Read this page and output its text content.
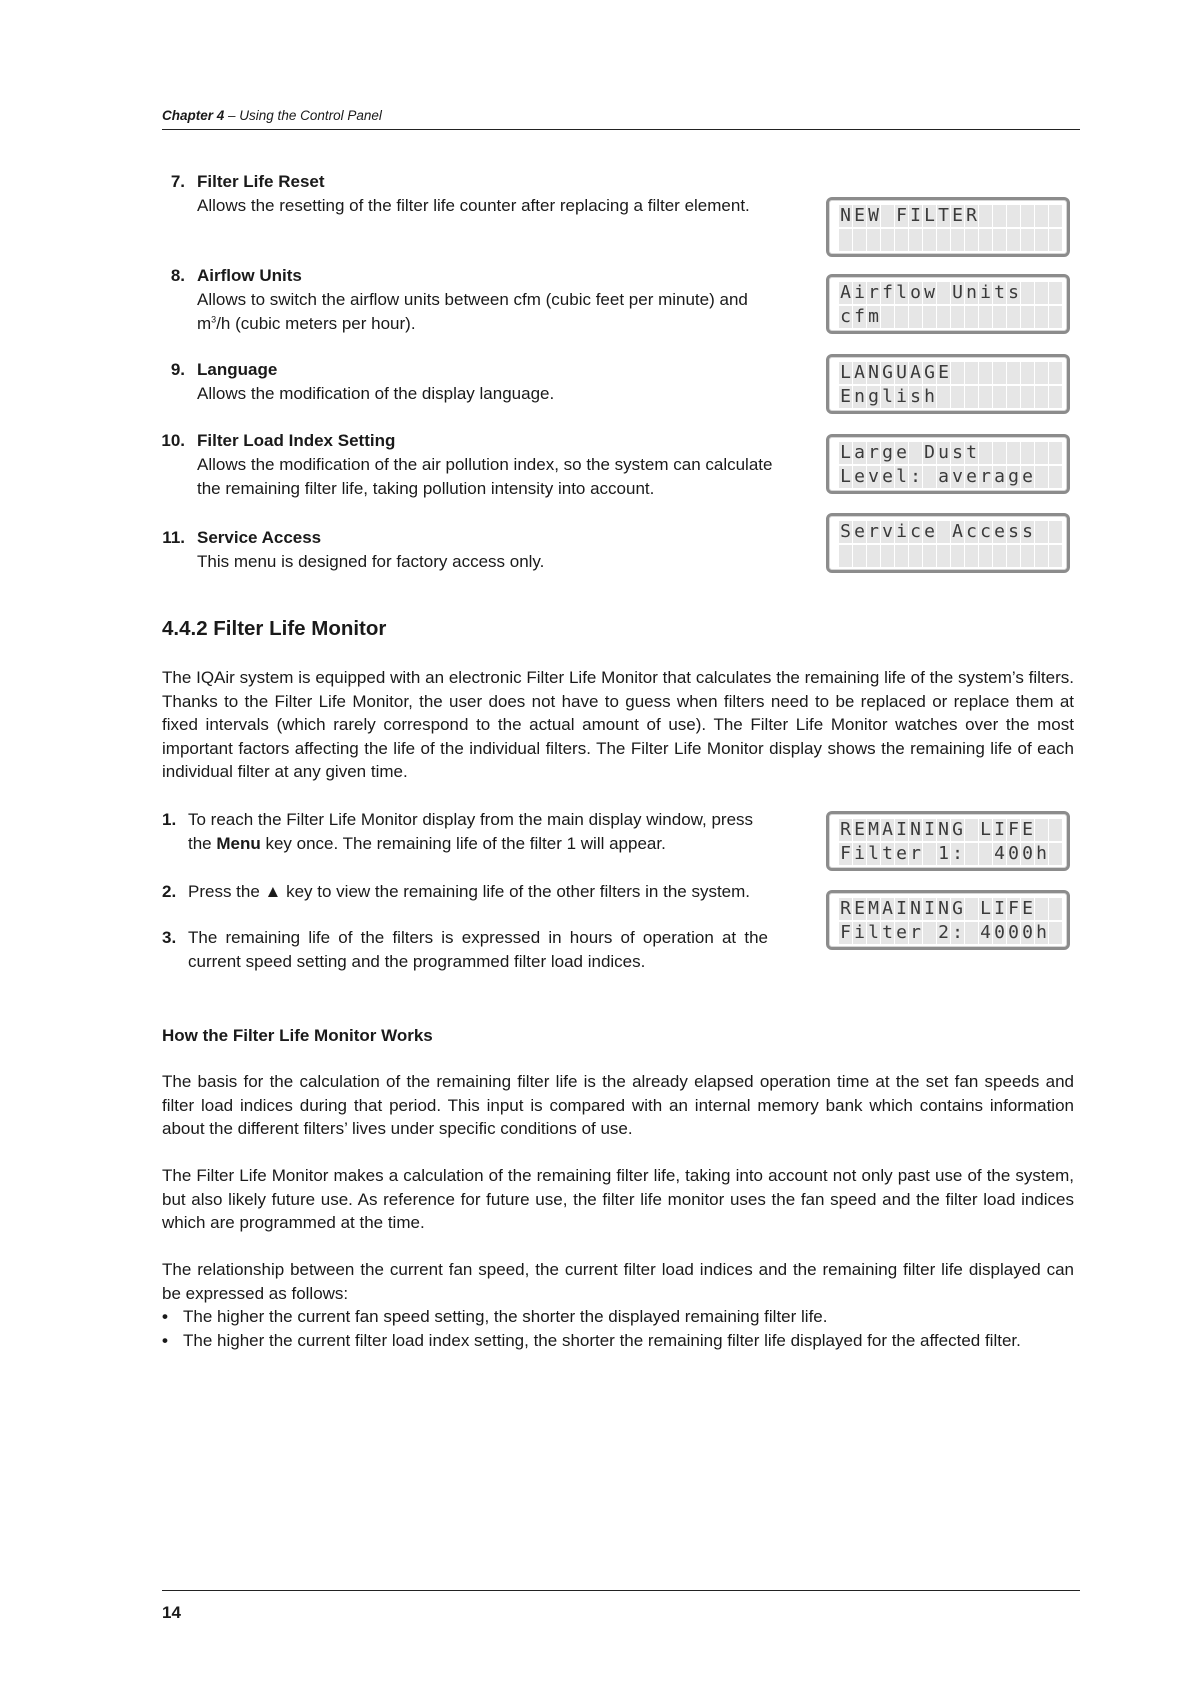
Chapter 4 – Using the Control Panel
7. Filter Life Reset
Allows the resetting of the filter life counter after replacing a filter element.
8. Airflow Units
Allows to switch the airflow units between cfm (cubic feet per minute) and $m^3/h$ (cubic meters per hour).
9. Language
Allows the modification of the display language.
10. Filter Load Index Setting
Allows the modification of the air pollution index, so the system can calculate the remaining filter life, taking pollution intensity into account.
11. Service Access
This menu is designed for factory access only.
N E W F I L T E R
A i r f l o w U n i t s
c f m
L A N G U A G E
E n g l i s h
L a r g e D u s t
L e v e l : a v e r a g e
S e r v i c e A c c e s s
4.4.2 Filter Life Monitor
The IQAir system is equipped with an electronic Filter Life Monitor that calculates the remaining life of the system’s filters. Thanks to the Filter Life Monitor, the user does not have to guess when filters need to be replaced or replace them at fixed intervals (which rarely correspond to the actual amount of use). The Filter Life Monitor watches over the most important factors affecting the life of the individual filters. The Filter Life Monitor display shows the remaining life of each individual filter at any given time.
1. To reach the Filter Life Monitor display from the main display window, press the Menu key once. The remaining life of the filter 1 will appear.
2. Press the ▲ key to view the remaining life of the other filters in the system.
3. The remaining life of the filters is expressed in hours of operation at the current speed setting and the programmed filter load indices.
R E M A I N I N G L I F E
F i l t e r 1 : 4 0 0 h
R E M A I N I N G L I F E
F i l t e r 2 : 4 0 0 0 h
How the Filter Life Monitor Works
The basis for the calculation of the remaining filter life is the already elapsed operation time at the set fan speeds and filter load indices during that period. This input is compared with an internal memory bank which contains information about the different filters’ lives under specific conditions of use.
The Filter Life Monitor makes a calculation of the remaining filter life, taking into account not only past use of the system, but also likely future use. As reference for future use, the filter life monitor uses the fan speed and the filter load indices which are programmed at the time.
The relationship between the current fan speed, the current filter load indices and the remaining filter life displayed can be expressed as follows:
• The higher the current fan speed setting, the shorter the displayed remaining filter life.
• The higher the current filter load index setting, the shorter the remaining filter life displayed for the affected filter.
14
